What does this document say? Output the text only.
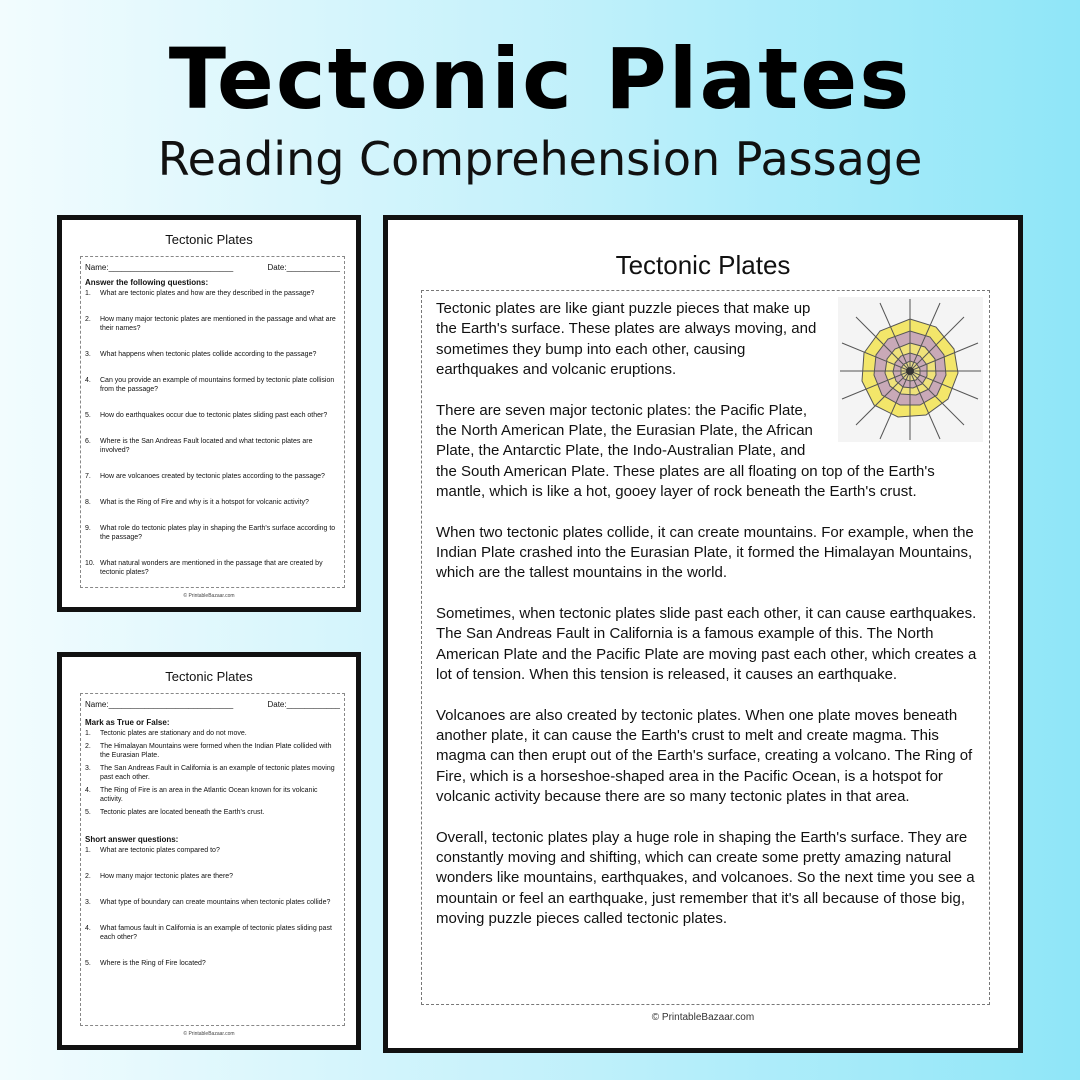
Tectonic Plates
Reading Comprehension Passage
Tectonic Plates
Name:____________________________	Date:____________
Answer the following questions:
1.	What are tectonic plates and how are they described in the passage?
2.	How many major tectonic plates are mentioned in the passage and what are their names?
3.	What happens when tectonic plates collide according to the passage?
4.	Can you provide an example of mountains formed by tectonic plate collision from the passage?
5.	How do earthquakes occur due to tectonic plates sliding past each other?
6.	Where is the San Andreas Fault located and what tectonic plates are involved?
7.	How are volcanoes created by tectonic plates according to the passage?
8.	What is the Ring of Fire and why is it a hotspot for volcanic activity?
9.	What role do tectonic plates play in shaping the Earth's surface according to the passage?
10. What natural wonders are mentioned in the passage that are created by tectonic plates?
© PrintableBazaar.com
Tectonic Plates
Name:____________________________	Date:____________
Mark as True or False:
1.	Tectonic plates are stationary and do not move.
2.	The Himalayan Mountains were formed when the Indian Plate collided with the Eurasian Plate.
3.	The San Andreas Fault in California is an example of tectonic plates moving past each other.
4.	The Ring of Fire is an area in the Atlantic Ocean known for its volcanic activity.
5.	Tectonic plates are located beneath the Earth's crust.
Short answer questions:
1.	What are tectonic plates compared to?
2.	How many major tectonic plates are there?
3.	What type of boundary can create mountains when tectonic plates collide?
4.	What famous fault in California is an example of tectonic plates sliding past each other?
5.	Where is the Ring of Fire located?
© PrintableBazaar.com
Tectonic Plates

Tectonic plates are like giant puzzle pieces that make up the Earth's surface. These plates are always moving, and sometimes they bump into each other, causing earthquakes and volcanic eruptions.

There are seven major tectonic plates: the Pacific Plate, the North American Plate, the Eurasian Plate, the African Plate, the Antarctic Plate, the Indo-Australian Plate, and the South American Plate. These plates are all floating on top of the Earth's mantle, which is like a hot, gooey layer of rock beneath the Earth's crust.

When two tectonic plates collide, it can create mountains. For example, when the Indian Plate crashed into the Eurasian Plate, it formed the Himalayan Mountains, which are the tallest mountains in the world.

Sometimes, when tectonic plates slide past each other, it can cause earthquakes. The San Andreas Fault in California is a famous example of this. The North American Plate and the Pacific Plate are moving past each other, which creates a lot of tension. When this tension is released, it causes an earthquake.

Volcanoes are also created by tectonic plates. When one plate moves beneath another plate, it can cause the Earth's crust to melt and create magma. This magma can then erupt out of the Earth's surface, creating a volcano. The Ring of Fire, which is a horseshoe-shaped area in the Pacific Ocean, is a hotspot for volcanic activity because there are so many tectonic plates in that area.

Overall, tectonic plates play a huge role in shaping the Earth's surface. They are constantly moving and shifting, which can create some pretty amazing natural wonders like mountains, earthquakes, and volcanoes. So the next time you see a mountain or feel an earthquake, just remember that it's all because of those big, moving puzzle pieces called tectonic plates.

© PrintableBazaar.com
